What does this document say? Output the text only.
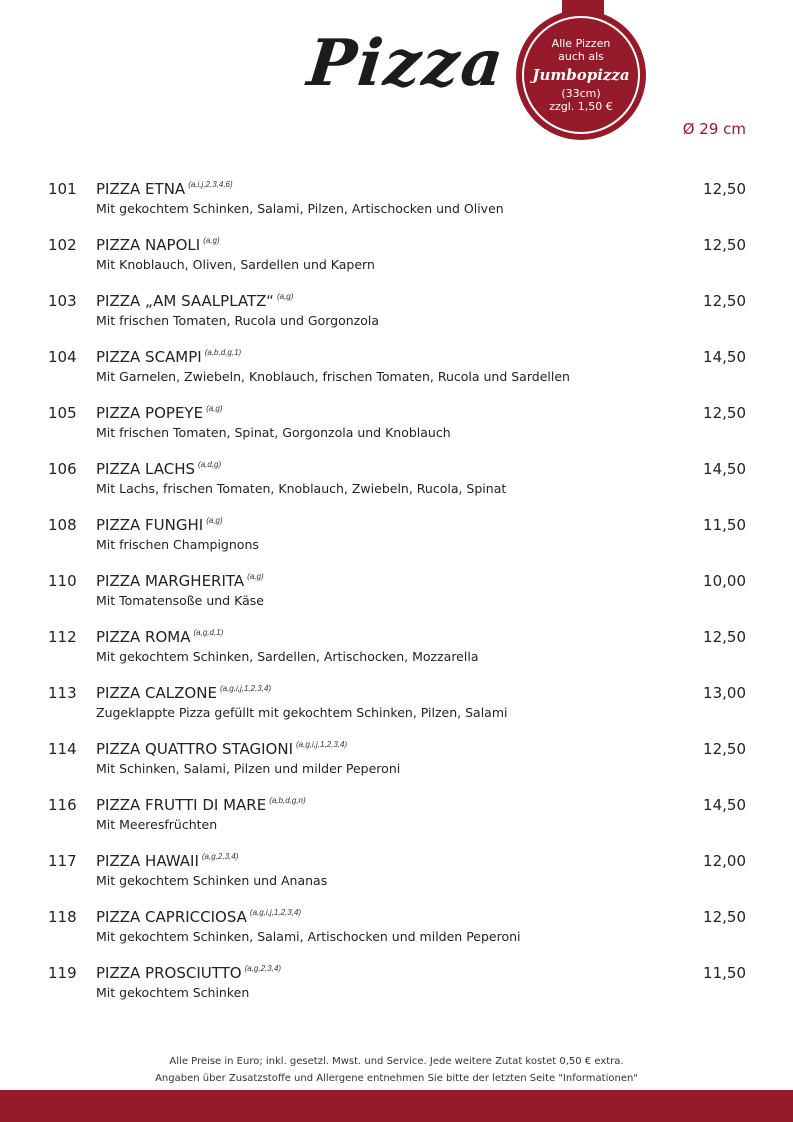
Pizza	Alle Pizzen
auch als
Jumbopizza
(33cm)
zzgl. 1,50 €
Ø 29 cm
101 PIZZA ETNA $^{(a,i,j,2,3,4,6)}$
Mit gekochtem Schinken, Salami, Pilzen, Artischocken und Oliven
12,50
102 PIZZA NAPOLI $^{(a,g)}$
Mit Knoblauch, Oliven, Sardellen und Kapern
12,50
103 PIZZA „AM SAALPLATZ“ $^{(a,g)}$
Mit frischen Tomaten, Rucola und Gorgonzola
12,50
104 PIZZA SCAMPI $^{(a,b,d,g,1)}$
Mit Garnelen, Zwiebeln, Knoblauch, frischen Tomaten, Rucola und Sardellen
14,50
105 PIZZA POPEYE $^{(a,g)}$
Mit frischen Tomaten, Spinat, Gorgonzola und Knoblauch
12,50
106 PIZZA LACHS $^{(a,d,g)}$
Mit Lachs, frischen Tomaten, Knoblauch, Zwiebeln, Rucola, Spinat
14,50
108 PIZZA FUNGHI $^{(a,g)}$
Mit frischen Champignons
11,50
110 PIZZA MARGHERITA $^{(a,g)}$
Mit Tomatensoße und Käse
10,00
112 PIZZA ROMA $^{(a,g,d,1)}$
Mit gekochtem Schinken, Sardellen, Artischocken, Mozzarella
12,50
113 PIZZA CALZONE $^{(a,g,i,j,1,2,3,4)}$
Zugeklappte Pizza gefüllt mit gekochtem Schinken, Pilzen, Salami
13,00
114 PIZZA QUATTRO STAGIONI $^{(a,g,i,j,1,2,3,4)}$
Mit Schinken, Salami, Pilzen und milder Peperoni
12,50
116 PIZZA FRUTTI DI MARE $^{(a,b,d,g,n)}$
Mit Meeresfrüchten
14,50
117 PIZZA HAWAII $^{(a,g,2,3,4)}$
Mit gekochtem Schinken und Ananas
12,00
118 PIZZA CAPRICCIOSA $^{(a,g,i,j,1,2,3,4)}$
Mit gekochtem Schinken, Salami, Artischocken und milden Peperoni
12,50
119 PIZZA PROSCIUTTO $^{(a,g,2,3,4)}$
Mit gekochtem Schinken
11,50
Alle Preise in Euro; inkl. gesetzl. Mwst. und Service. Jede weitere Zutat kostet 0,50 € extra.
Angaben über Zusatzstoffe und Allergene entnehmen Sie bitte der letzten Seite "Informationen"
